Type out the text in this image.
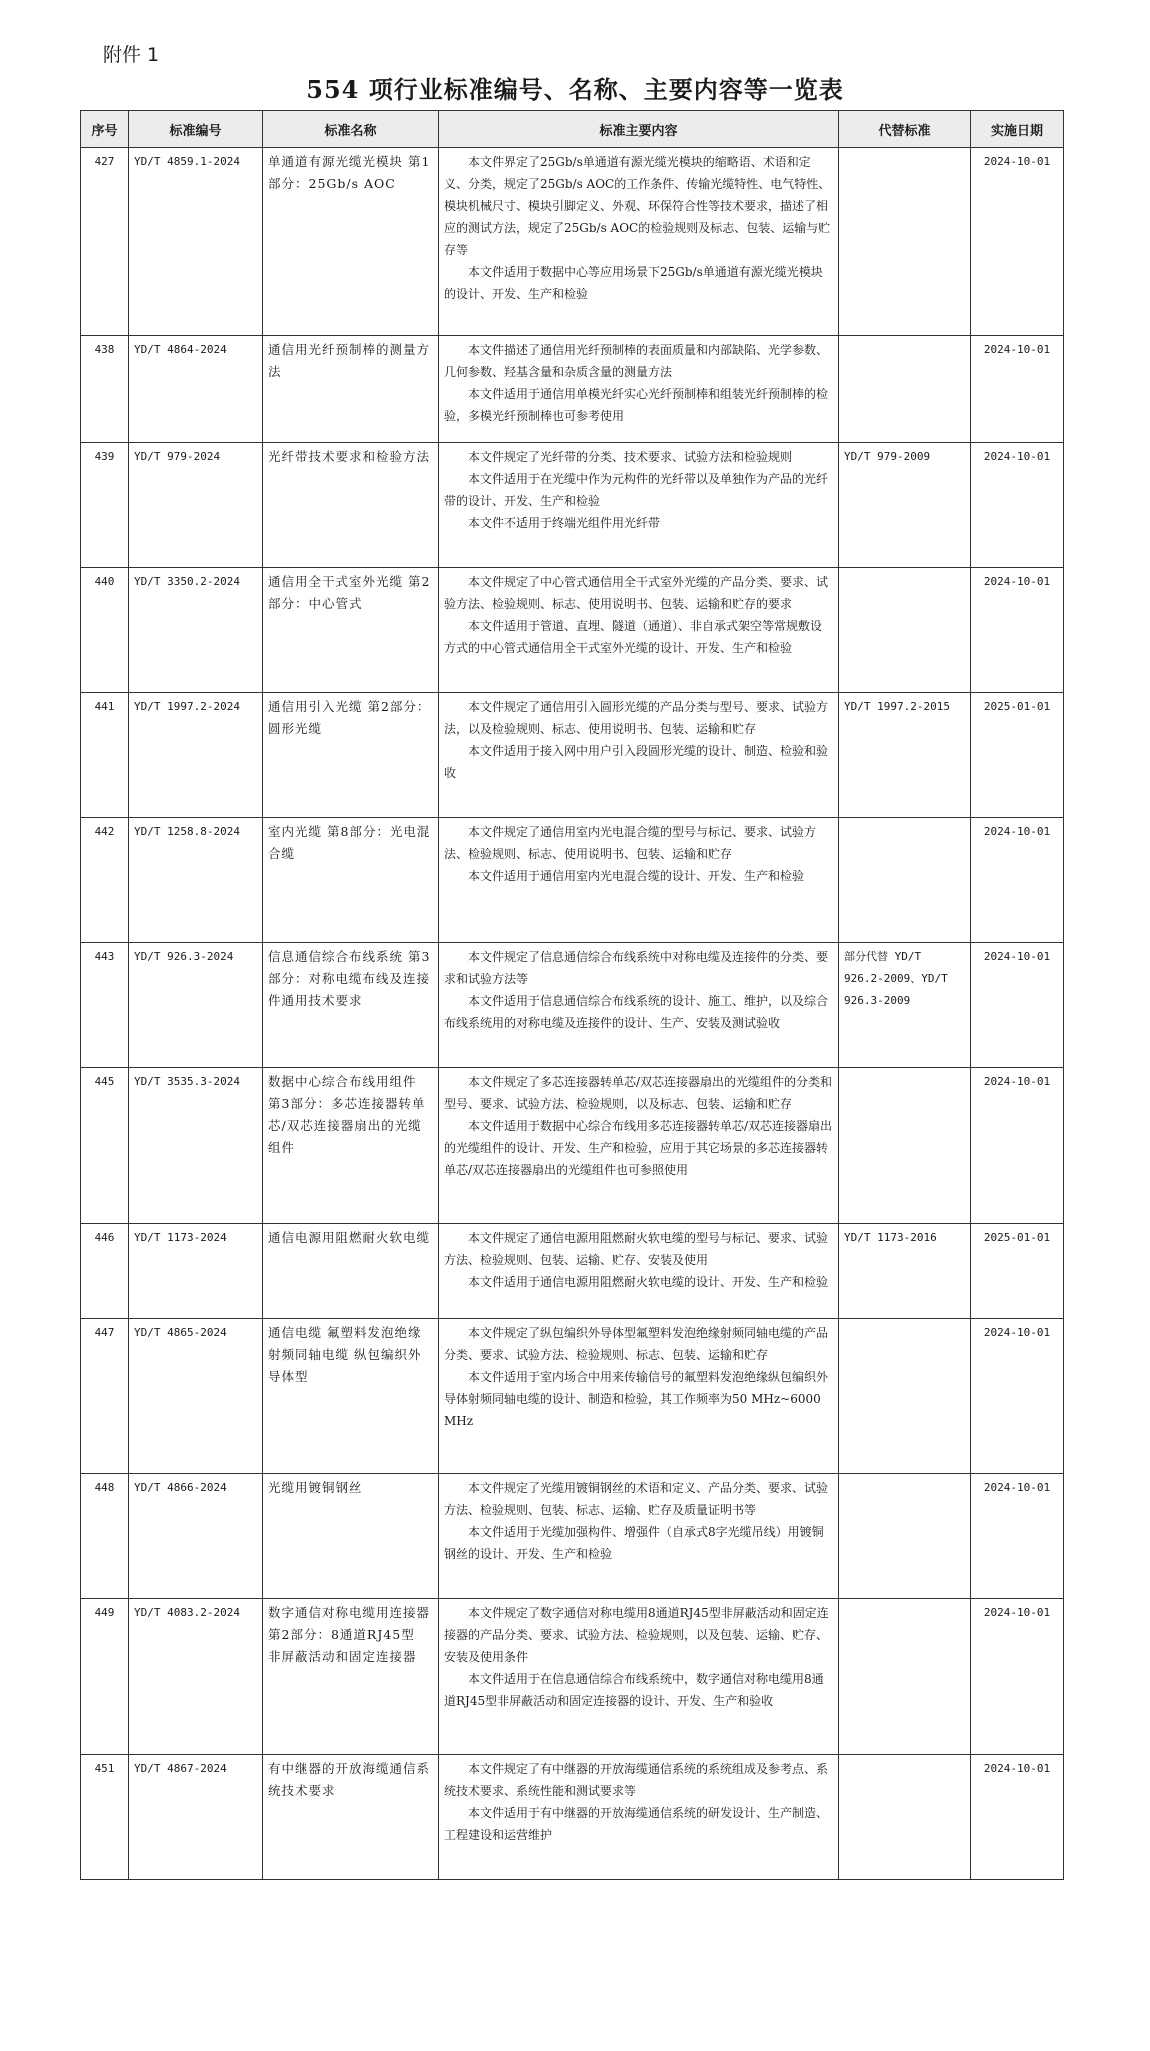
附件 1
554 项行业标准编号、名称、主要内容等一览表
序号	标准编号	标准名称	标准主要内容	代替标准	实施日期
427	YD/T 4859.1-2024	单通道有源光缆光模块 第1部分：25Gb/s AOC	本文件界定了25Gb/s单通道有源光缆光模块的缩略语、术语和定义、分类，规定了25Gb/s AOC的工作条件、传输光缆特性、电气特性、模块机械尺寸、模块引脚定义、外观、环保符合性等技术要求，描述了相应的测试方法，规定了25Gb/s AOC的检验规则及标志、包装、运输与贮存等

本文件适用于数据中心等应用场景下25Gb/s单通道有源光缆光模块的设计、开发、生产和检验		2024-10-01
438	YD/T 4864-2024	通信用光纤预制棒的测量方法	本文件描述了通信用光纤预制棒的表面质量和内部缺陷、光学参数、几何参数、羟基含量和杂质含量的测量方法

本文件适用于通信用单模光纤实心光纤预制棒和组装光纤预制棒的检验，多模光纤预制棒也可参考使用		2024-10-01
439	YD/T 979-2024	光纤带技术要求和检验方法	本文件规定了光纤带的分类、技术要求、试验方法和检验规则

本文件适用于在光缆中作为元构件的光纤带以及单独作为产品的光纤带的设计、开发、生产和检验

本文件不适用于终端光组件用光纤带	YD/T 979-2009	2024-10-01
440	YD/T 3350.2-2024	通信用全干式室外光缆 第2部分：中心管式	本文件规定了中心管式通信用全干式室外光缆的产品分类、要求、试验方法、检验规则、标志、使用说明书、包装、运输和贮存的要求

本文件适用于管道、直埋、隧道（通道）、非自承式架空等常规敷设方式的中心管式通信用全干式室外光缆的设计、开发、生产和检验		2024-10-01
441	YD/T 1997.2-2024	通信用引入光缆 第2部分：圆形光缆	本文件规定了通信用引入圆形光缆的产品分类与型号、要求、试验方法，以及检验规则、标志、使用说明书、包装、运输和贮存

本文件适用于接入网中用户引入段圆形光缆的设计、制造、检验和验收	YD/T 1997.2-2015	2025-01-01
442	YD/T 1258.8-2024	室内光缆 第8部分：光电混合缆	本文件规定了通信用室内光电混合缆的型号与标记、要求、试验方法、检验规则、标志、使用说明书、包装、运输和贮存

本文件适用于通信用室内光电混合缆的设计、开发、生产和检验		2024-10-01
443	YD/T 926.3-2024	信息通信综合布线系统 第3部分：对称电缆布线及连接件通用技术要求	本文件规定了信息通信综合布线系统中对称电缆及连接件的分类、要求和试验方法等

本文件适用于信息通信综合布线系统的设计、施工、维护，以及综合布线系统用的对称电缆及连接件的设计、生产、安装及测试验收	部分代替 YD/T 926.2-2009、YD/T 926.3-2009	2024-10-01
445	YD/T 3535.3-2024	数据中心综合布线用组件 第3部分：多芯连接器转单芯/双芯连接器扇出的光缆组件	本文件规定了多芯连接器转单芯/双芯连接器扇出的光缆组件的分类和型号、要求、试验方法、检验规则，以及标志、包装、运输和贮存

本文件适用于数据中心综合布线用多芯连接器转单芯/双芯连接器扇出的光缆组件的设计、开发、生产和检验，应用于其它场景的多芯连接器转单芯/双芯连接器扇出的光缆组件也可参照使用		2024-10-01
446	YD/T 1173-2024	通信电源用阻燃耐火软电缆	本文件规定了通信电源用阻燃耐火软电缆的型号与标记、要求、试验方法、检验规则、包装、运输、贮存、安装及使用

本文件适用于通信电源用阻燃耐火软电缆的设计、开发、生产和检验	YD/T 1173-2016	2025-01-01
447	YD/T 4865-2024	通信电缆 氟塑料发泡绝缘射频同轴电缆 纵包编织外导体型	本文件规定了纵包编织外导体型氟塑料发泡绝缘射频同轴电缆的产品分类、要求、试验方法、检验规则、标志、包装、运输和贮存

本文件适用于室内场合中用来传输信号的氟塑料发泡绝缘纵包编织外导体射频同轴电缆的设计、制造和检验，其工作频率为50 MHz~6000 MHz		2024-10-01
448	YD/T 4866-2024	光缆用镀铜钢丝	本文件规定了光缆用镀铜钢丝的术语和定义、产品分类、要求、试验方法、检验规则、包装、标志、运输、贮存及质量证明书等

本文件适用于光缆加强构件、增强件（自承式8字光缆吊线）用镀铜钢丝的设计、开发、生产和检验		2024-10-01
449	YD/T 4083.2-2024	数字通信对称电缆用连接器 第2部分：8通道RJ45型 非屏蔽活动和固定连接器	本文件规定了数字通信对称电缆用8通道RJ45型非屏蔽活动和固定连接器的产品分类、要求、试验方法、检验规则，以及包装、运输、贮存、安装及使用条件

本文件适用于在信息通信综合布线系统中，数字通信对称电缆用8通道RJ45型非屏蔽活动和固定连接器的设计、开发、生产和验收		2024-10-01
451	YD/T 4867-2024	有中继器的开放海缆通信系统技术要求	本文件规定了有中继器的开放海缆通信系统的系统组成及参考点、系统技术要求、系统性能和测试要求等

本文件适用于有中继器的开放海缆通信系统的研发设计、生产制造、工程建设和运营维护		2024-10-01
